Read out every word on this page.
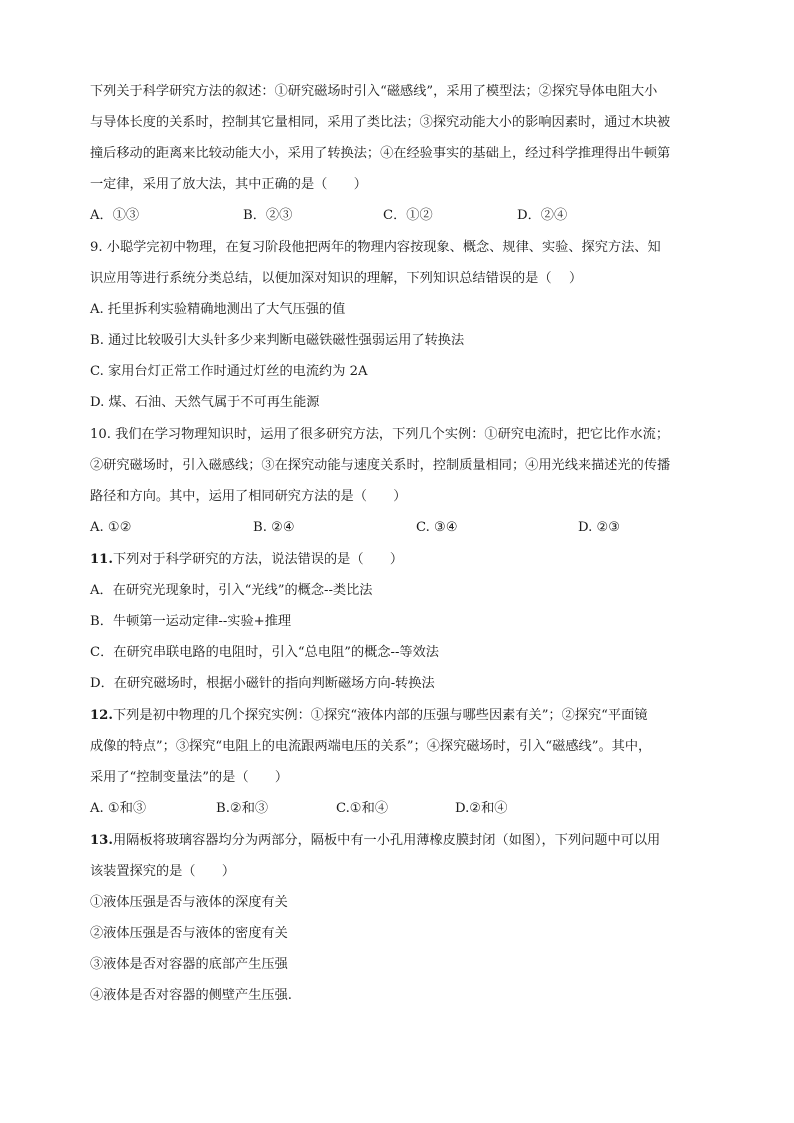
下列关于科学研究方法的叙述：①研究磁场时引入“磁感线”，采用了模型法；②探究导体电阻大小
与导体长度的关系时，控制其它量相同，采用了类比法；③探究动能大小的影响因素时，通过木块被
撞后移动的距离来比较动能大小，采用了转换法；④在经验事实的基础上，经过科学推理得出牛顿第
一定律，采用了放大法，其中正确的是（　　）
A．①③	B．②③	C．①②	D．②④
9. 小聪学完初中物理，在复习阶段他把两年的物理内容按现象、概念、规律、实验、探究方法、知
识应用等进行系统分类总结，以便加深对知识的理解，下列知识总结错误的是（　 ）
A. 托里拆利实验精确地测出了大气压强的值
B. 通过比较吸引大头针多少来判断电磁铁磁性强弱运用了转换法
C. 家用台灯正常工作时通过灯丝的电流约为 2A
D. 煤、石油、天然气属于不可再生能源
10. 我们在学习物理知识时，运用了很多研究方法，下列几个实例：①研究电流时，把它比作水流；
②研究磁场时，引入磁感线；③在探究动能与速度关系时，控制质量相同；④用光线来描述光的传播
路径和方向。其中，运用了相同研究方法的是（　　）
A. ①②	B. ②④	C. ③④	D. ②③
11.下列对于科学研究的方法，说法错误的是（　　）
A．在研究光现象时，引入“光线”的概念--类比法
B．牛顿第一运动定律--实验+推理
C．在研究串联电路的电阻时，引入“总电阻”的概念--等效法
D．在研究磁场时，根据小磁针的指向判断磁场方向-转换法
12.下列是初中物理的几个探究实例：①探究“液体内部的压强与哪些因素有关”；②探究“平面镜
成像的特点”；③探究“电阻上的电流跟两端电压的关系”；④探究磁场时，引入“磁感线”。其中，
采用了“控制变量法”的是（　　）
A. ①和③	B.②和③	C.①和④	D.②和④
13.用隔板将玻璃容器均分为两部分，隔板中有一小孔用薄橡皮膜封闭（如图），下列问题中可以用
该装置探究的是（　　）
①液体压强是否与液体的深度有关
②液体压强是否与液体的密度有关
③液体是否对容器的底部产生压强
④液体是否对容器的侧壁产生压强.
